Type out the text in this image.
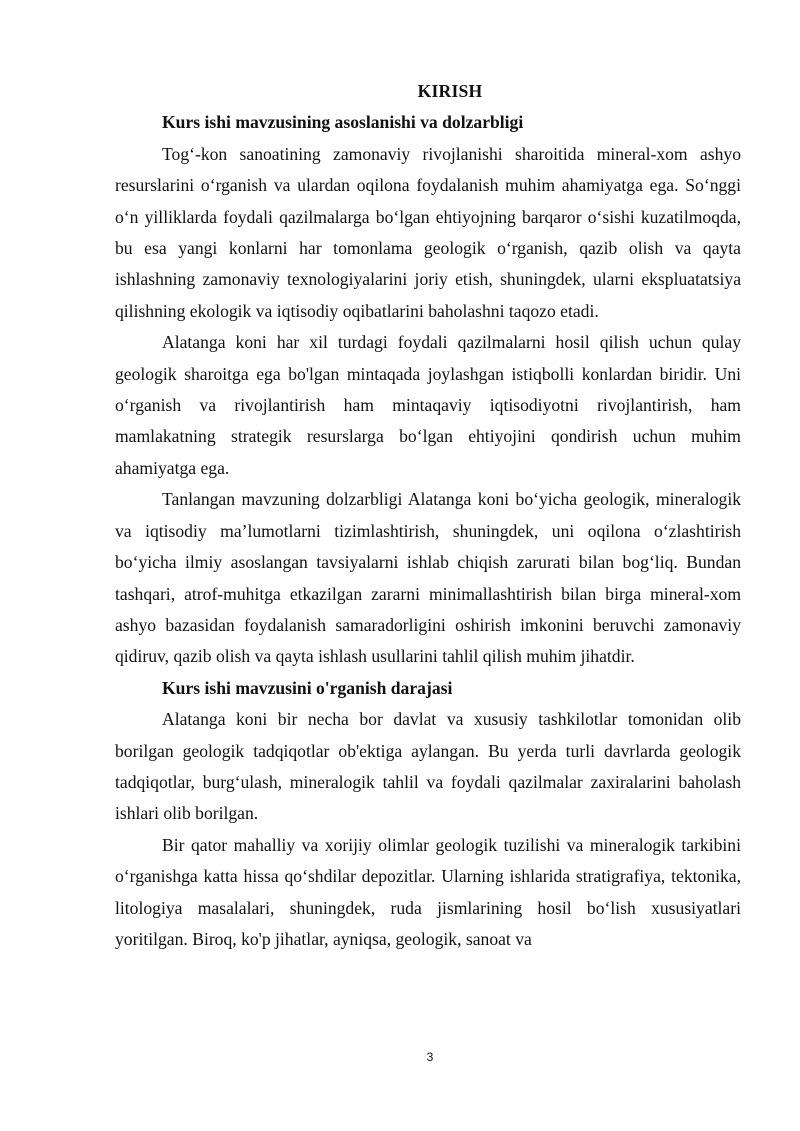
KIRISH

Kurs ishi mavzusining asoslanishi va dolzarbligi

Tog‘-kon sanoatining zamonaviy rivojlanishi sharoitida mineral-xom ashyo resurslarini o‘rganish va ulardan oqilona foydalanish muhim ahamiyatga ega. So‘nggi o‘n yilliklarda foydali qazilmalarga bo‘lgan ehtiyojning barqaror o‘sishi kuzatilmoqda, bu esa yangi konlarni har tomonlama geologik o‘rganish, qazib olish va qayta ishlashning zamonaviy texnologiyalarini joriy etish, shuningdek, ularni ekspluatatsiya qilishning ekologik va iqtisodiy oqibatlarini baholashni taqozo etadi.

Alatanga koni har xil turdagi foydali qazilmalarni hosil qilish uchun qulay geologik sharoitga ega bo'lgan mintaqada joylashgan istiqbolli konlardan biridir. Uni o‘rganish va rivojlantirish ham mintaqaviy iqtisodiyotni rivojlantirish, ham mamlakatning strategik resurslarga bo‘lgan ehtiyojini qondirish uchun muhim ahamiyatga ega.

Tanlangan mavzuning dolzarbligi Alatanga koni bo‘yicha geologik, mineralogik va iqtisodiy ma’lumotlarni tizimlashtirish, shuningdek, uni oqilona o‘zlashtirish bo‘yicha ilmiy asoslangan tavsiyalarni ishlab chiqish zarurati bilan bog‘liq. Bundan tashqari, atrof-muhitga etkazilgan zararni minimallashtirish bilan birga mineral-xom ashyo bazasidan foydalanish samaradorligini oshirish imkonini beruvchi zamonaviy qidiruv, qazib olish va qayta ishlash usullarini tahlil qilish muhim jihatdir.

Kurs ishi mavzusini o'rganish darajasi

Alatanga koni bir necha bor davlat va xususiy tashkilotlar tomonidan olib borilgan geologik tadqiqotlar ob'ektiga aylangan. Bu yerda turli davrlarda geologik tadqiqotlar, burg‘ulash, mineralogik tahlil va foydali qazilmalar zaxiralarini baholash ishlari olib borilgan.

Bir qator mahalliy va xorijiy olimlar geologik tuzilishi va mineralogik tarkibini o‘rganishga katta hissa qo‘shdilar depozitlar. Ularning ishlarida stratigrafiya, tektonika, litologiya masalalari, shuningdek, ruda jismlarining hosil bo‘lish xususiyatlari yoritilgan. Biroq, ko'p jihatlar, ayniqsa, geologik, sanoat va

3
